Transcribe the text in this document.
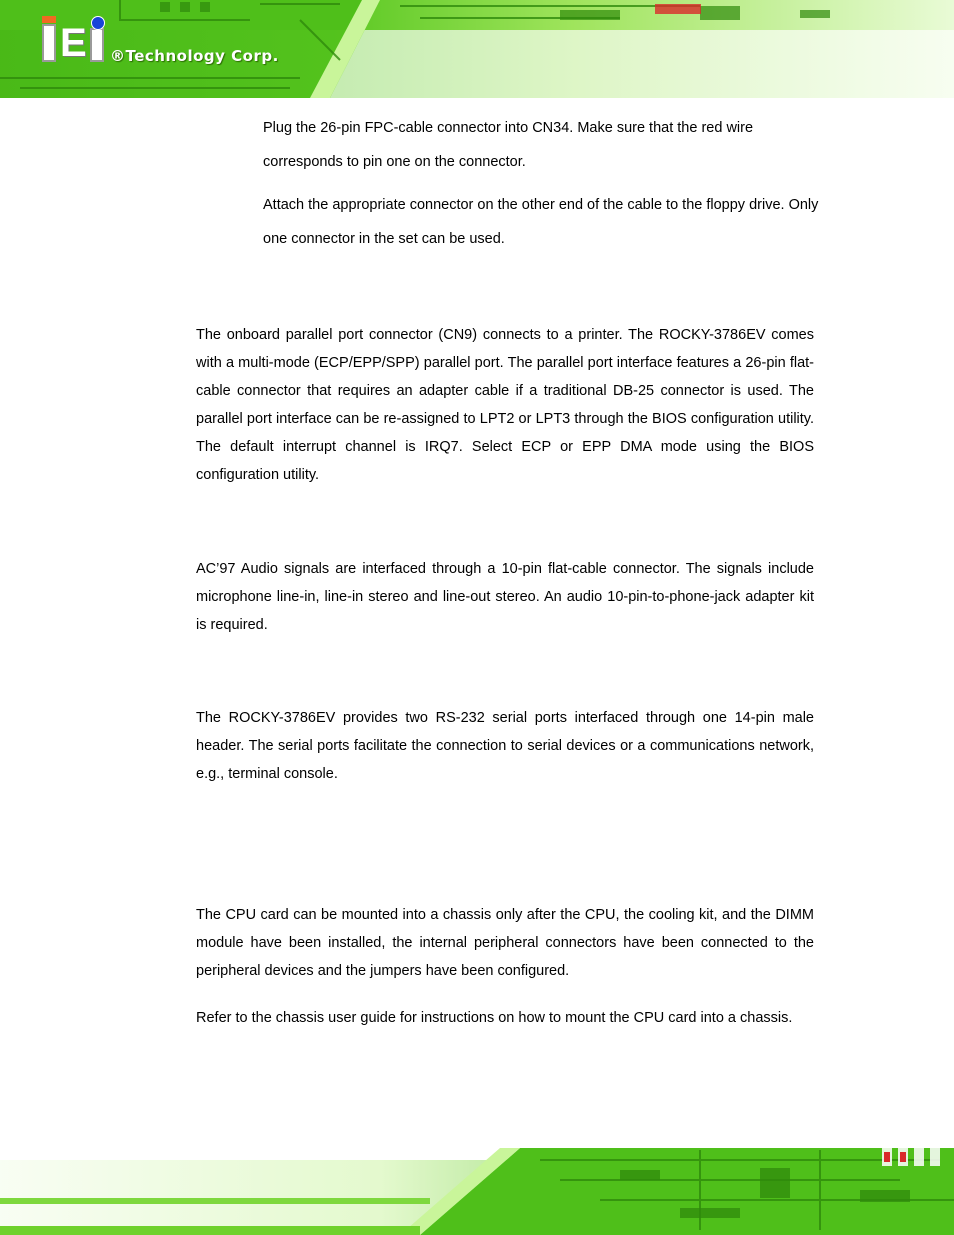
E ®Technology Corp.

Plug the 26-pin FPC-cable connector into CN34. Make sure that the red wire corresponds to pin one on the connector.

Attach the appropriate connector on the other end of the cable to the floppy drive. Only one connector in the set can be used.

The onboard parallel port connector (CN9) connects to a printer. The ROCKY-3786EV comes with a multi-mode (ECP/EPP/SPP) parallel port. The parallel port interface features a 26-pin flat-cable connector that requires an adapter cable if a traditional DB-25 connector is used. The parallel port interface can be re-assigned to LPT2 or LPT3 through the BIOS configuration utility. The default interrupt channel is IRQ7. Select ECP or EPP DMA mode using the BIOS configuration utility.

AC’97 Audio signals are interfaced through a 10-pin flat-cable connector. The signals include microphone line-in, line-in stereo and line-out stereo. An audio 10-pin-to-phone-jack adapter kit is required.

The ROCKY-3786EV provides two RS-232 serial ports interfaced through one 14-pin male header. The serial ports facilitate the connection to serial devices or a communications network, e.g., terminal console.

The CPU card can be mounted into a chassis only after the CPU, the cooling kit, and the DIMM module have been installed, the internal peripheral connectors have been connected to the peripheral devices and the jumpers have been configured.

Refer to the chassis user guide for instructions on how to mount the CPU card into a chassis.
